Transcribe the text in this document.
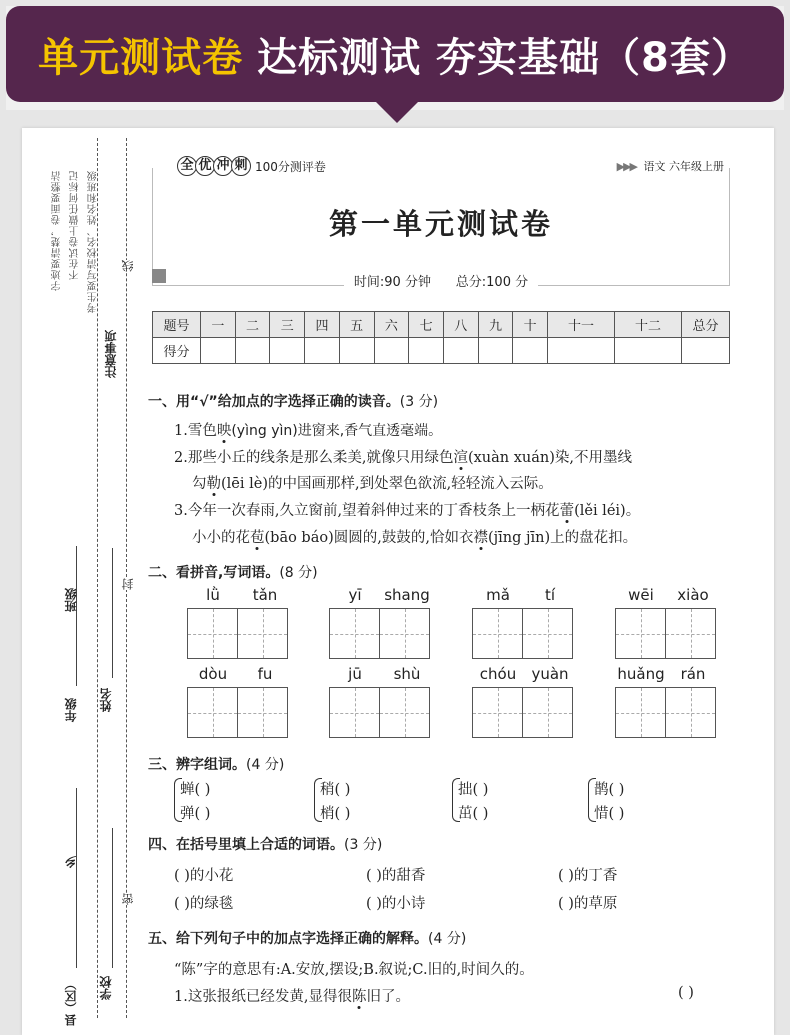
单元测试卷 达标测试 夯实基础（8套）
注意事项
考生要写清校名、姓名和班级
不在试卷上做任何标记
字迹要清楚，卷面要整洁
县（区）
乡
学校
年级
班级
姓名
密
封
线
全 优 冲 刺 100分测评卷	▶▶▶ 语文 六年级上册
第一单元测试卷
时间:90 分钟 总分:100 分
题号	一	二	三	四	五	六	七	八	九	十	十一	十二	总分
得分													
一、用“√”给加点的字选择正确的读音。(3 分)
1.雪色映(yìng yìn)进窗来,香气直透毫端。
2.那些小丘的线条是那么柔美,就像只用绿色渲(xuàn xuán)染,不用墨线
勾勒(lēi lè)的中国画那样,到处翠色欲流,轻轻流入云际。
3.今年一次春雨,久立窗前,望着斜伸过来的丁香枝条上一柄花蕾(lěi léi)。
小小的花苞(bāo báo)圆圆的,鼓鼓的,恰如衣襟(jīng jīn)上的盘花扣。
二、看拼音,写词语。(8 分)
lǜ	tǎn	yī	shang	mǎ	tí	wēi	xiào
dòu	fu	jū	shù	chóu	yuàn	huǎng	rán
三、辨字组词。(4 分)
蝉( )
弹( )
稍( )
梢( )
拙( )
茁( )
鹊( )
惜( )
四、在括号里填上合适的词语。(3 分)
( )的小花	( )的甜香	( )的丁香
( )的绿毯	( )的小诗	( )的草原
五、给下列句子中的加点字选择正确的解释。(4 分)
“陈”字的意思有:A.安放,摆设;B.叙说;C.旧的,时间久的。
1.这张报纸已经发黄,显得很陈旧了。	( )
